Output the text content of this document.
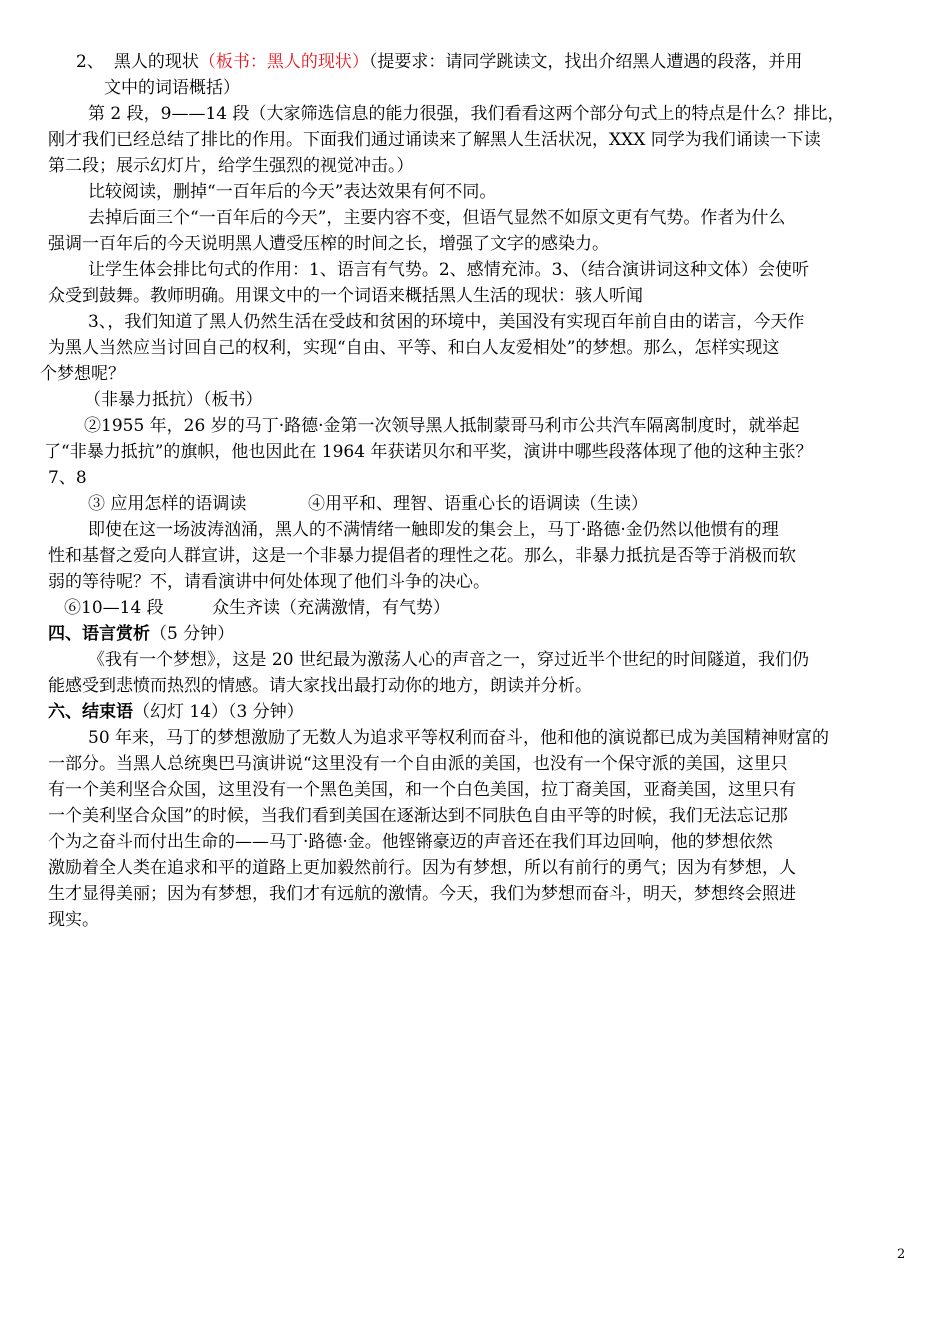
2、 黑人的现状（板书：黑人的现状）（提要求：请同学跳读文，找出介绍黑人遭遇的段落，并用
文中的词语概括）
第 2 段，9——14 段（大家筛选信息的能力很强，我们看看这两个部分句式上的特点是什么？排比，
刚才我们已经总结了排比的作用。下面我们通过诵读来了解黑人生活状况，XXX 同学为我们诵读一下读
第二段；展示幻灯片，给学生强烈的视觉冲击。）
比较阅读，删掉“一百年后的今天”表达效果有何不同。
去掉后面三个“一百年后的今天”，主要内容不变，但语气显然不如原文更有气势。作者为什么
强调一百年后的今天说明黑人遭受压榨的时间之长，增强了文字的感染力。
让学生体会排比句式的作用：1、语言有气势。2、感情充沛。3、（结合演讲词这种文体）会使听
众受到鼓舞。教师明确。用课文中的一个词语来概括黑人生活的现状：骇人听闻
3、，我们知道了黑人仍然生活在受歧和贫困的环境中，美国没有实现百年前自由的诺言，今天作
为黑人当然应当讨回自己的权利，实现“自由、平等、和白人友爱相处”的梦想。那么，怎样实现这
个梦想呢？
（非暴力抵抗）（板书）
②1955 年，26 岁的马丁·路德·金第一次领导黑人抵制蒙哥马利市公共汽车隔离制度时，就举起
了“非暴力抵抗”的旗帜，他也因此在 1964 年获诺贝尔和平奖，演讲中哪些段落体现了他的这种主张？
7、8
③ 应用怎样的语调读	④用平和、理智、语重心长的语调读（生读）
即使在这一场波涛汹涌，黑人的不满情绪一触即发的集会上，马丁·路德·金仍然以他惯有的理
性和基督之爱向人群宣讲，这是一个非暴力提倡者的理性之花。那么，非暴力抵抗是否等于消极而软
弱的等待呢？不，请看演讲中何处体现了他们斗争的决心。
⑥10—14 段	众生齐读（充满激情，有气势）
四、语言赏析（5 分钟）
《我有一个梦想》，这是 20 世纪最为激荡人心的声音之一，穿过近半个世纪的时间隧道，我们仍
能感受到悲愤而热烈的情感。请大家找出最打动你的地方，朗读并分析。
六、结束语（幻灯 14）（3 分钟）
50 年来，马丁的梦想激励了无数人为追求平等权利而奋斗，他和他的演说都已成为美国精神财富的
一部分。当黑人总统奥巴马演讲说“这里没有一个自由派的美国，也没有一个保守派的美国，这里只
有一个美利坚合众国，这里没有一个黑色美国，和一个白色美国，拉丁裔美国，亚裔美国，这里只有
一个美利坚合众国”的时候，当我们看到美国在逐渐达到不同肤色自由平等的时候，我们无法忘记那
个为之奋斗而付出生命的——马丁·路德·金。他铿锵豪迈的声音还在我们耳边回响，他的梦想依然
激励着全人类在追求和平的道路上更加毅然前行。因为有梦想，所以有前行的勇气；因为有梦想，人
生才显得美丽；因为有梦想，我们才有远航的激情。今天，我们为梦想而奋斗，明天，梦想终会照进
现实。
2
